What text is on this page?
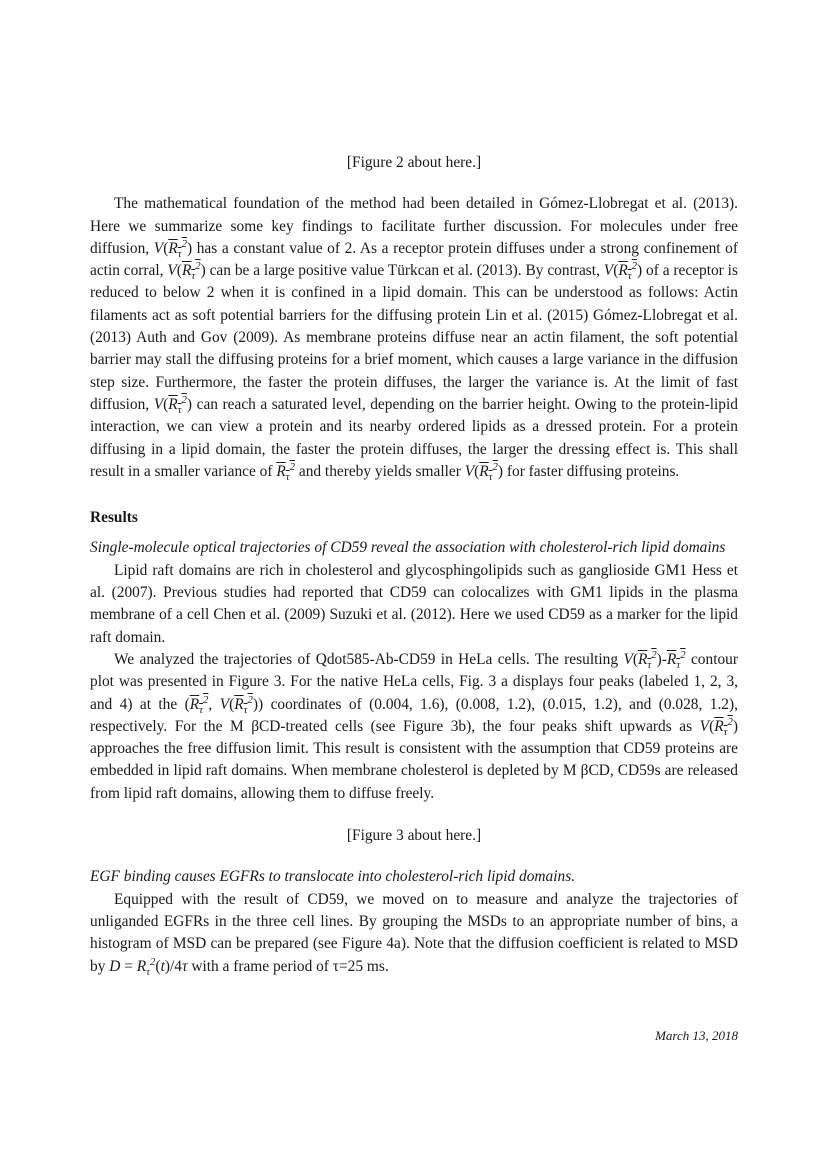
[Figure 2 about here.]

The mathematical foundation of the method had been detailed in Gómez-Llobregat et al. (2013). Here we summarize some key findings to facilitate further discussion. For molecules under free diffusion, $V(R_\tau^2)$ has a constant value of 2. As a receptor protein diffuses under a strong confinement of actin corral, $V(R_\tau^2)$ can be a large positive value Türkcan et al. (2013). By contrast, $V(R_\tau^2)$ of a receptor is reduced to below 2 when it is confined in a lipid domain. This can be understood as follows: Actin filaments act as soft potential barriers for the diffusing protein Lin et al. (2015) Gómez-Llobregat et al. (2013) Auth and Gov (2009). As membrane proteins diffuse near an actin filament, the soft potential barrier may stall the diffusing proteins for a brief moment, which causes a large variance in the diffusion step size. Furthermore, the faster the protein diffuses, the larger the variance is. At the limit of fast diffusion, $V(R_\tau^2)$ can reach a saturated level, depending on the barrier height. Owing to the protein-lipid interaction, we can view a protein and its nearby ordered lipids as a dressed protein. For a protein diffusing in a lipid domain, the faster the protein diffuses, the larger the dressing effect is. This shall result in a smaller variance of $R_\tau^2$ and thereby yields smaller $V(R_\tau^2)$ for faster diffusing proteins.

Results

Single-molecule optical trajectories of CD59 reveal the association with cholesterol-rich lipid domains

Lipid raft domains are rich in cholesterol and glycosphingolipids such as ganglioside GM1 Hess et al. (2007). Previous studies had reported that CD59 can colocalizes with GM1 lipids in the plasma membrane of a cell Chen et al. (2009) Suzuki et al. (2012). Here we used CD59 as a marker for the lipid raft domain.

We analyzed the trajectories of Qdot585-Ab-CD59 in HeLa cells. The resulting $V(R_\tau^2)-R_\tau^2$ contour plot was presented in Figure 3. For the native HeLa cells, Fig. 3 a displays four peaks (labeled 1, 2, 3, and 4) at the ($R_\tau^2$, $V(R_\tau^2)$) coordinates of (0.004, 1.6), (0.008, 1.2), (0.015, 1.2), and (0.028, 1.2), respectively. For the M βCD-treated cells (see Figure 3b), the four peaks shift upwards as $V(R_\tau^2)$ approaches the free diffusion limit. This result is consistent with the assumption that CD59 proteins are embedded in lipid raft domains. When membrane cholesterol is depleted by M βCD, CD59s are released from lipid raft domains, allowing them to diffuse freely.

[Figure 3 about here.]

EGF binding causes EGFRs to translocate into cholesterol-rich lipid domains.

Equipped with the result of CD59, we moved on to measure and analyze the trajectories of unliganded EGFRs in the three cell lines. By grouping the MSDs to an appropriate number of bins, a histogram of MSD can be prepared (see Figure 4a). Note that the diffusion coefficient is related to MSD by $D = R_\tau^2(t)/4\tau$ with a frame period of τ=25 ms.

March 13, 2018
